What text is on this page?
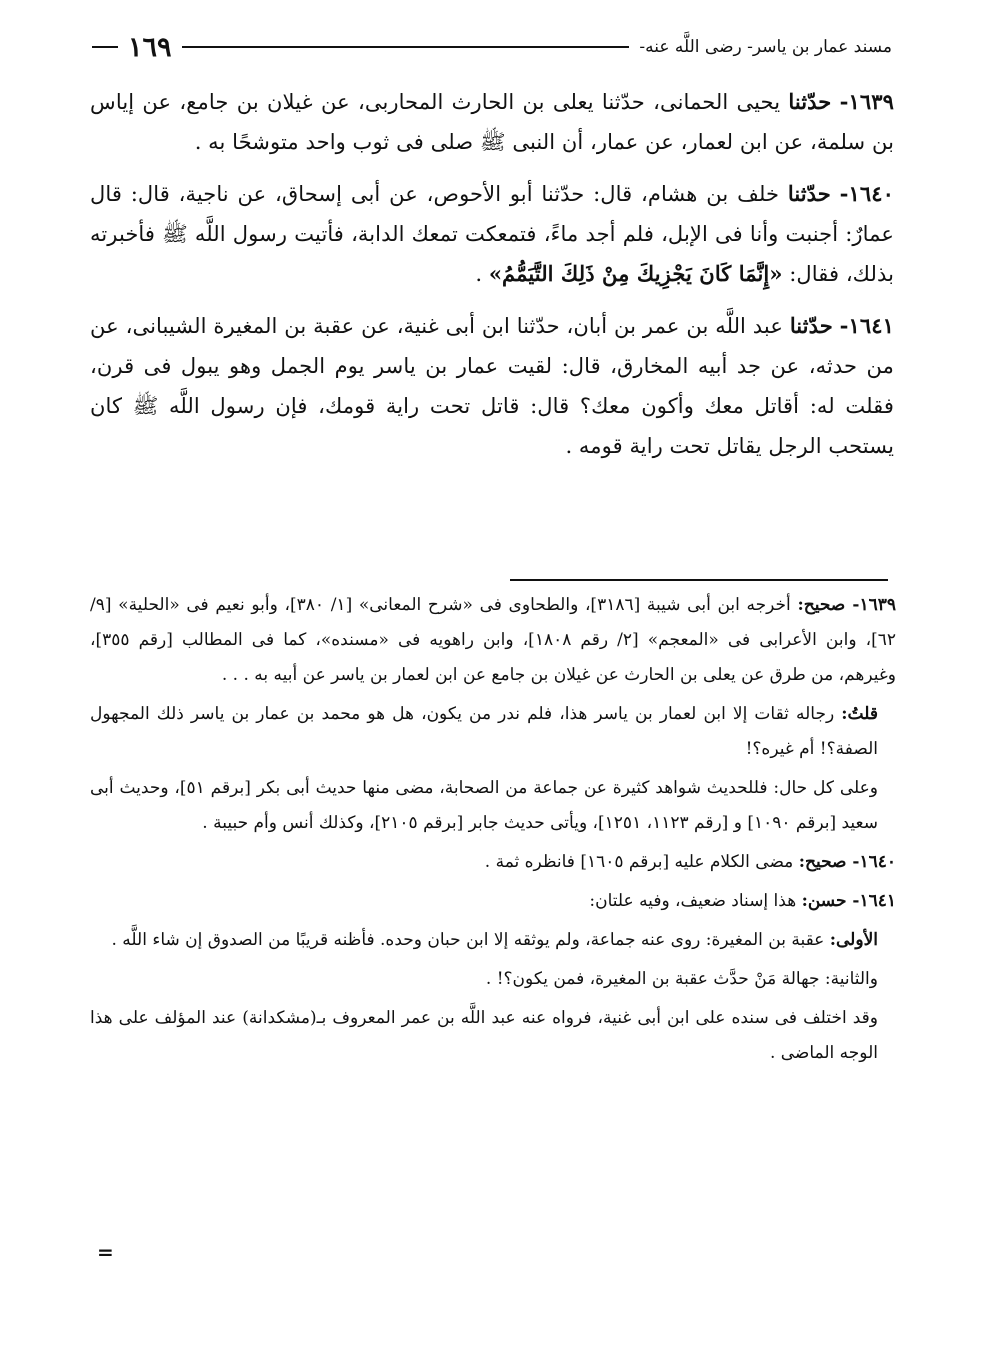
مسند عمار بن ياسر- رضى اللَّه عنه-
١٦٩

١٦٣٩- حدّثنا يحيى الحمانى، حدّثنا يعلى بن الحارث المحاربى، عن غيلان بن جامع، عن إياس بن سلمة، عن ابن لعمار، عن عمار، أن النبى ﷺ صلى فى ثوب واحد متوشحًا به .

١٦٤٠- حدّثنا خلف بن هشام، قال: حدّثنا أبو الأحوص، عن أبى إسحاق، عن ناجية، قال: قال عمارٌ: أجنبت وأنا فى الإبل، فلم أجد ماءً، فتمعكت تمعك الدابة، فأتيت رسول اللَّه ﷺ فأخبرته بذلك، فقال: «إِنَّمَا كَانَ يَجْزِيكَ مِنْ ذَلِكَ التَّيَمُّمُ» .

١٦٤١- حدّثنا عبد اللَّه بن عمر بن أبان، حدّثنا ابن أبى غنية، عن عقبة بن المغيرة الشيبانى، عن من حدثه، عن جد أبيه المخارق، قال: لقيت عمار بن ياسر يوم الجمل وهو يبول فى قرن، فقلت له: أقاتل معك وأكون معك؟ قال: قاتل تحت راية قومك، فإن رسول اللَّه ﷺ كان يستحب الرجل يقاتل تحت راية قومه .

١٦٣٩- صحيح: أخرجه ابن أبى شيبة [٣١٨٦]، والطحاوى فى «شرح المعانى» [١/ ٣٨٠]، وأبو نعيم فى «الحلية» [٩/ ٦٢]، وابن الأعرابى فى «المعجم» [٢/ رقم ١٨٠٨]، وابن راهويه فى «مسنده»، كما فى المطالب [رقم ٣٥٥]، وغيرهم، من طرق عن يعلى بن الحارث عن غيلان بن جامع عن ابن لعمار بن ياسر عن أبيه به . . .

قلتُ: رجاله ثقات إلا ابن لعمار بن ياسر هذا، فلم ندر من يكون، هل هو محمد بن عمار بن ياسر ذلك المجهول الصفة؟! أم غيره؟!

وعلى كل حال: فللحديث شواهد كثيرة عن جماعة من الصحابة، مضى منها حديث أبى بكر [برقم ٥١]، وحديث أبى سعيد [برقم ١٠٩٠] و [رقم ١١٢٣، ١٢٥١]، ويأتى حديث جابر [برقم ٢١٠٥]، وكذلك أنس وأم حبيبة .

١٦٤٠- صحيح: مضى الكلام عليه [برقم ١٦٠٥] فانظره ثمة .

١٦٤١- حسن: هذا إسناد ضعيف، وفيه علتان:

الأولى: عقبة بن المغيرة: روى عنه جماعة، ولم يوثقه إلا ابن حبان وحده. فأظنه قريبًا من الصدوق إن شاء اللَّه .

والثانية: جهالة مَنْ حدَّث عقبة بن المغيرة، فمن يكون؟! .

وقد اختلف فى سنده على ابن أبى غنية، فرواه عنه عبد اللَّه بن عمر المعروف بـ(مشكدانة) عند المؤلف على هذا الوجه الماضى .

=
